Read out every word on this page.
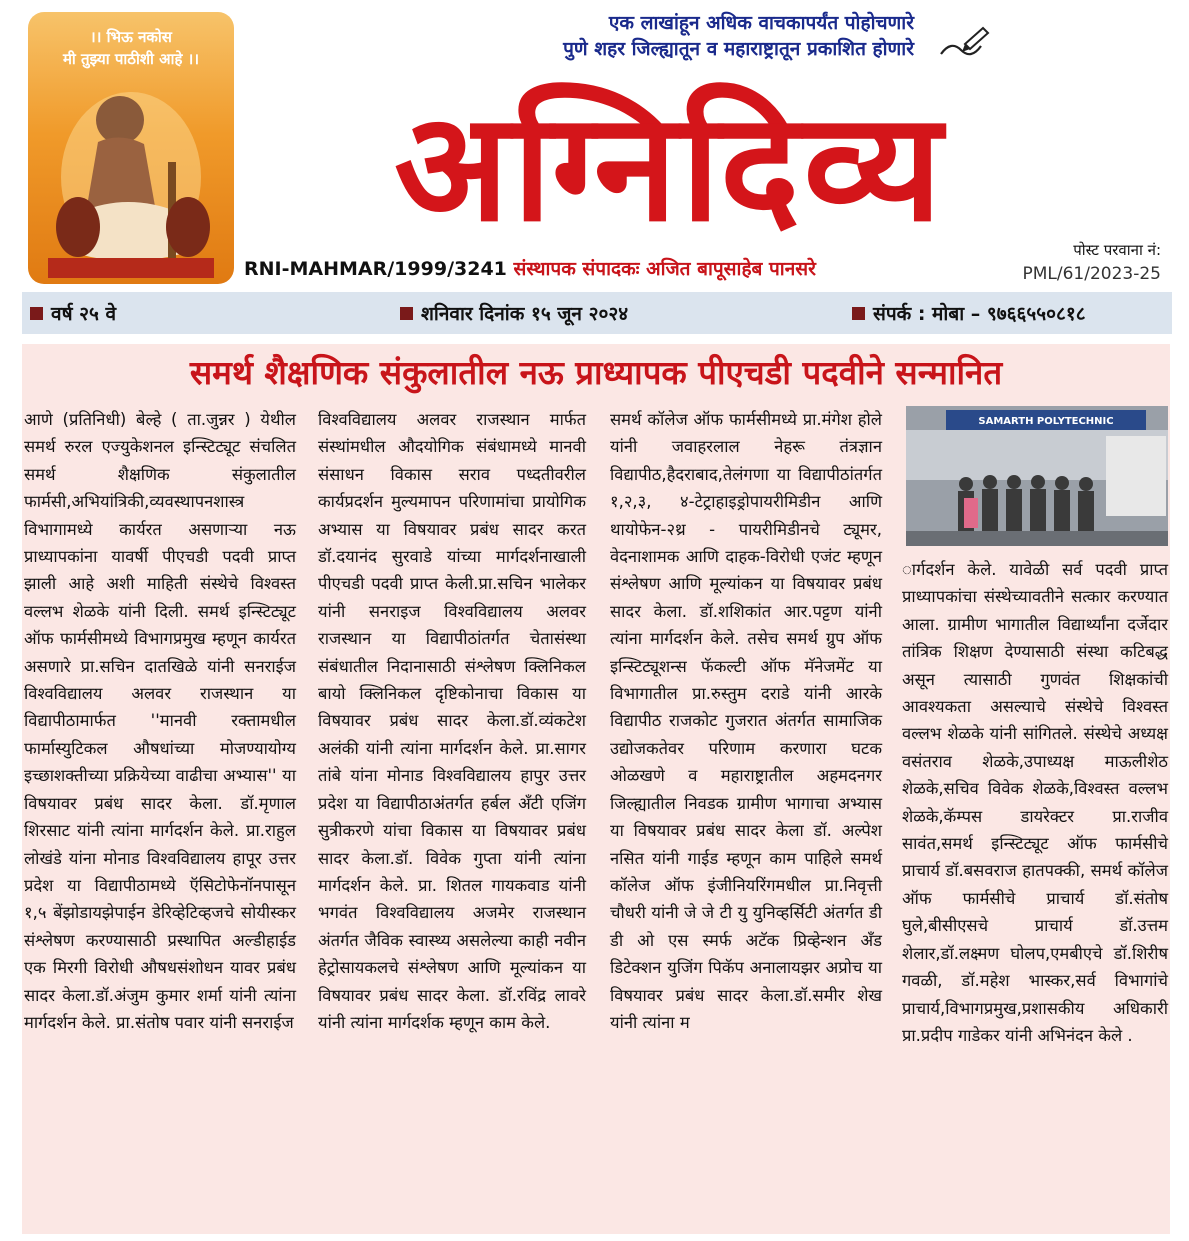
।। भिऊ नकोस
मी तुझ्या पाठीशी आहे ।।
एक लाखांहून अधिक वाचकापर्यंत पोहोचणारे
पुणे शहर जिल्ह्यातून व महाराष्ट्रातून प्रकाशित होणारे
अग्निदिव्य
RNI-MAHMAR/1999/3241 संस्थापक संपादकः अजित बापूसाहेब पानसरे
पोस्ट परवाना नं:
PML/61/2023-25
वर्ष २५ वे	शनिवार दिनांक १५ जून २०२४	संपर्क : मोबा – ९७६६५५०८१८
समर्थ शैक्षणिक संकुलातील नऊ प्राध्यापक पीएचडी पदवीने सन्मानित

आणे (प्रतिनिधी) बेल्हे ( ता.जुन्नर ) येथील समर्थ रुरल एज्युकेशनल इन्स्टिट्यूट संचलित समर्थ शैक्षणिक संकुलातील फार्मसी,अभियांत्रिकी,व्यवस्थापनशास्त्र विभागामध्ये कार्यरत असणाऱ्या नऊ प्राध्यापकांना यावर्षी पीएचडी पदवी प्राप्त झाली आहे अशी माहिती संस्थेचे विश्वस्त वल्लभ शेळके यांनी दिली. समर्थ इन्स्टिट्यूट ऑफ फार्मसीमध्ये विभागप्रमुख म्हणून कार्यरत असणारे प्रा.सचिन दातखिळे यांनी सनराईज विश्वविद्यालय अलवर राजस्थान या विद्यापीठामार्फत ''मानवी रक्तामधील फार्मास्युटिकल औषधांच्या मोजण्यायोग्य इच्छाशक्तीच्या प्रक्रियेच्या वाढीचा अभ्यास'' या विषयावर प्रबंध सादर केला. डॉ.मृणाल शिरसाट यांनी त्यांना मार्गदर्शन केले. प्रा.राहुल लोखंडे यांना मोनाड विश्वविद्यालय हापूर उत्तर प्रदेश या विद्यापीठामध्ये ऍसिटोफेनॉनपासून १,५ बेंझोडायझेपाईन डेरिव्हेटिव्हजचे सोयीस्कर संश्लेषण करण्यासाठी प्रस्थापित अल्डीहाईड एक मिरगी विरोधी औषधसंशोधन यावर प्रबंध सादर केला.डॉ.अंजुम कुमार शर्मा यांनी त्यांना मार्गदर्शन केले. प्रा.संतोष पवार यांनी सनराईज

विश्वविद्यालय अलवर राजस्थान मार्फत संस्थांमधील औदयोगिक संबंधामध्ये मानवी संसाधन विकास सराव पध्दतीवरील कार्यप्रदर्शन मुल्यमापन परिणामांचा प्रायोगिक अभ्यास या विषयावर प्रबंध सादर करत डॉ.दयानंद सुरवाडे यांच्या मार्गदर्शनाखाली पीएचडी पदवी प्राप्त केली.प्रा.सचिन भालेकर यांनी सनराइज विश्वविद्यालय अलवर राजस्थान या विद्यापीठांतर्गत चेतासंस्था संबंधातील निदानासाठी संश्लेषण क्लिनिकल बायो क्लिनिकल दृष्टिकोनाचा विकास या विषयावर प्रबंध सादर केला.डॉ.व्यंकटेश अलंकी यांनी त्यांना मार्गदर्शन केले. प्रा.सागर तांबे यांना मोनाड विश्वविद्यालय हापुर उत्तर प्रदेश या विद्यापीठाअंतर्गत हर्बल अँटी एजिंग सुत्रीकरणे यांचा विकास या विषयावर प्रबंध सादर केला.डॉ. विवेक गुप्ता यांनी त्यांना मार्गदर्शन केले. प्रा. शितल गायकवाड यांनी भगवंत विश्वविद्यालय अजमेर राजस्थान अंतर्गत जैविक स्वास्थ्य असलेल्या काही नवीन हेट्रोसायकलचे संश्लेषण आणि मूल्यांकन या विषयावर प्रबंध सादर केला. डॉ.रविंद्र लावरे यांनी त्यांना मार्गदर्शक म्हणून काम केले.

समर्थ कॉलेज ऑफ फार्मसीमध्ये प्रा.मंगेश होले यांनी जवाहरलाल नेहरू तंत्रज्ञान विद्यापीठ,हैदराबाद,तेलंगणा या विद्यापीठांतर्गत १,२,३, ४-टेट्राहाइड्रोपायरीमिडीन आणि थायोफेन-२थ्र - पायरीमिडीनचे ट्यूमर, वेदनाशामक आणि दाहक-विरोधी एजंट म्हणून संश्लेषण आणि मूल्यांकन या विषयावर प्रबंध सादर केला. डॉ.शशिकांत आर.पट्टण यांनी त्यांना मार्गदर्शन केले. तसेच समर्थ ग्रुप ऑफ इन्स्टिट्यूशन्स फॅकल्टी ऑफ मॅनेजमेंट या विभागातील प्रा.रुस्तुम दराडे यांनी आरके विद्यापीठ राजकोट गुजरात अंतर्गत सामाजिक उद्योजकतेवर परिणाम करणारा घटक ओळखणे व महाराष्ट्रातील अहमदनगर जिल्ह्यातील निवडक ग्रामीण भागाचा अभ्यास या विषयावर प्रबंध सादर केला डॉ. अल्पेश नसित यांनी गाईड म्हणून काम पाहिले समर्थ कॉलेज ऑफ इंजीनियरिंगमधील प्रा.निवृत्ती चौधरी यांनी जे जे टी यु युनिव्हर्सिटी अंतर्गत डी डी ओ एस स्मर्फ अटॅक प्रिव्हेन्शन अँड डिटेक्शन युजिंग पिकॅप अनालायझर अप्रोच या विषयावर प्रबंध सादर केला.डॉ.समीर शेख यांनी त्यांना म

SAMARTH POLYTECHNIC

ार्गदर्शन केले. यावेळी सर्व पदवी प्राप्त प्राध्यापकांचा संस्थेच्यावतीने सत्कार करण्यात आला. ग्रामीण भागातील विद्यार्थ्यांना दर्जेदार तांत्रिक शिक्षण देण्यासाठी संस्था कटिबद्ध असून त्यासाठी गुणवंत शिक्षकांची आवश्यकता असल्याचे संस्थेचे विश्वस्त वल्लभ शेळके यांनी सांगितले. संस्थेचे अध्यक्ष वसंतराव शेळके,उपाध्यक्ष माऊलीशेठ शेळके,सचिव विवेक शेळके,विश्वस्त वल्लभ शेळके,कॅम्पस डायरेक्टर प्रा.राजीव सावंत,समर्थ इन्स्टिट्यूट ऑफ फार्मसीचे प्राचार्य डॉ.बसवराज हातपक्की, समर्थ कॉलेज ऑफ फार्मसीचे प्राचार्य डॉ.संतोष घुले,बीसीएसचे प्राचार्य डॉ.उत्तम शेलार,डॉ.लक्ष्मण घोलप,एमबीएचे डॉ.शिरीष गवळी, डॉ.महेश भास्कर,सर्व विभागांचे प्राचार्य,विभागप्रमुख,प्रशासकीय अधिकारी प्रा.प्रदीप गाडेकर यांनी अभिनंदन केले .
